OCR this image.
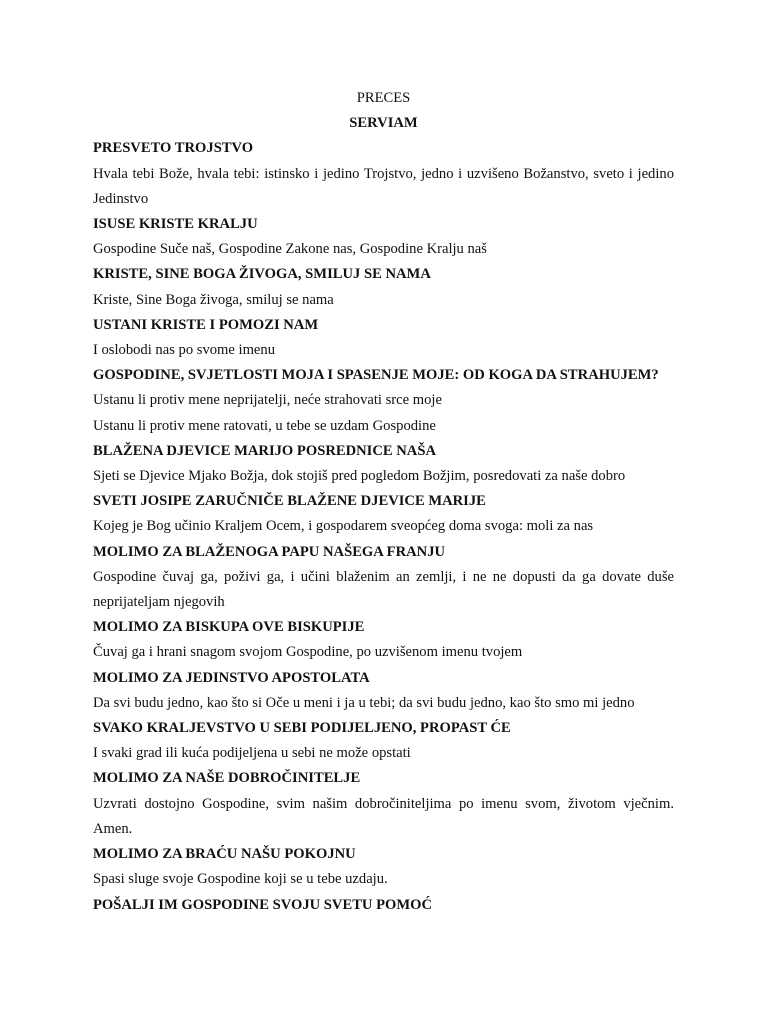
PRECES

SERVIAM

PRESVETO TROJSTVO

Hvala tebi Bože, hvala tebi: istinsko i jedino Trojstvo, jedno i uzvišeno Božanstvo, sveto i jedino Jedinstvo

ISUSE KRISTE KRALJU

Gospodine Suče naš, Gospodine Zakone nas, Gospodine Kralju naš

KRISTE, SINE BOGA ŽIVOGA, SMILUJ SE NAMA

Kriste, Sine Boga živoga, smiluj se nama

USTANI KRISTE I POMOZI NAM

I oslobodi nas po svome imenu

GOSPODINE, SVJETLOSTI MOJA I SPASENJE MOJE: OD KOGA DA STRAHUJEM?

Ustanu li protiv mene neprijatelji, neće strahovati srce moje

Ustanu li protiv mene ratovati, u tebe se uzdam Gospodine

BLAŽENA DJEVICE MARIJO POSREDNICE NAŠA

Sjeti se Djevice Mjako Božja, dok stojiš pred pogledom Božjim, posredovati za naše dobro

SVETI JOSIPE ZARUČNIČE BLAŽENE DJEVICE MARIJE

Kojeg je Bog učinio Kraljem Ocem, i gospodarem sveopćeg doma svoga: moli za nas

MOLIMO ZA BLAŽENOGA PAPU NAŠEGA FRANJU

Gospodine čuvaj ga, poživi ga, i učini blaženim an zemlji, i ne ne dopusti da ga dovate duše neprijateljam njegovih

MOLIMO ZA BISKUPA OVE BISKUPIJE

Čuvaj ga i hrani snagom svojom Gospodine, po uzvišenom imenu tvojem

MOLIMO ZA JEDINSTVO APOSTOLATA

Da svi budu jedno, kao što si Oče u meni i ja u tebi; da svi budu jedno, kao što smo mi jedno

SVAKO KRALJEVSTVO U SEBI PODIJELJENO, PROPAST ĆE

I svaki grad ili kuća podijeljena u sebi ne može opstati

MOLIMO ZA NAŠE DOBROČINITELJE

Uzvrati dostojno Gospodine, svim našim dobročiniteljima po imenu svom, životom vječnim. Amen.

MOLIMO ZA BRAĆU NAŠU POKOJNU

Spasi sluge svoje Gospodine koji se u tebe uzdaju.

POŠALJI IM GOSPODINE SVOJU SVETU POMOĆ
